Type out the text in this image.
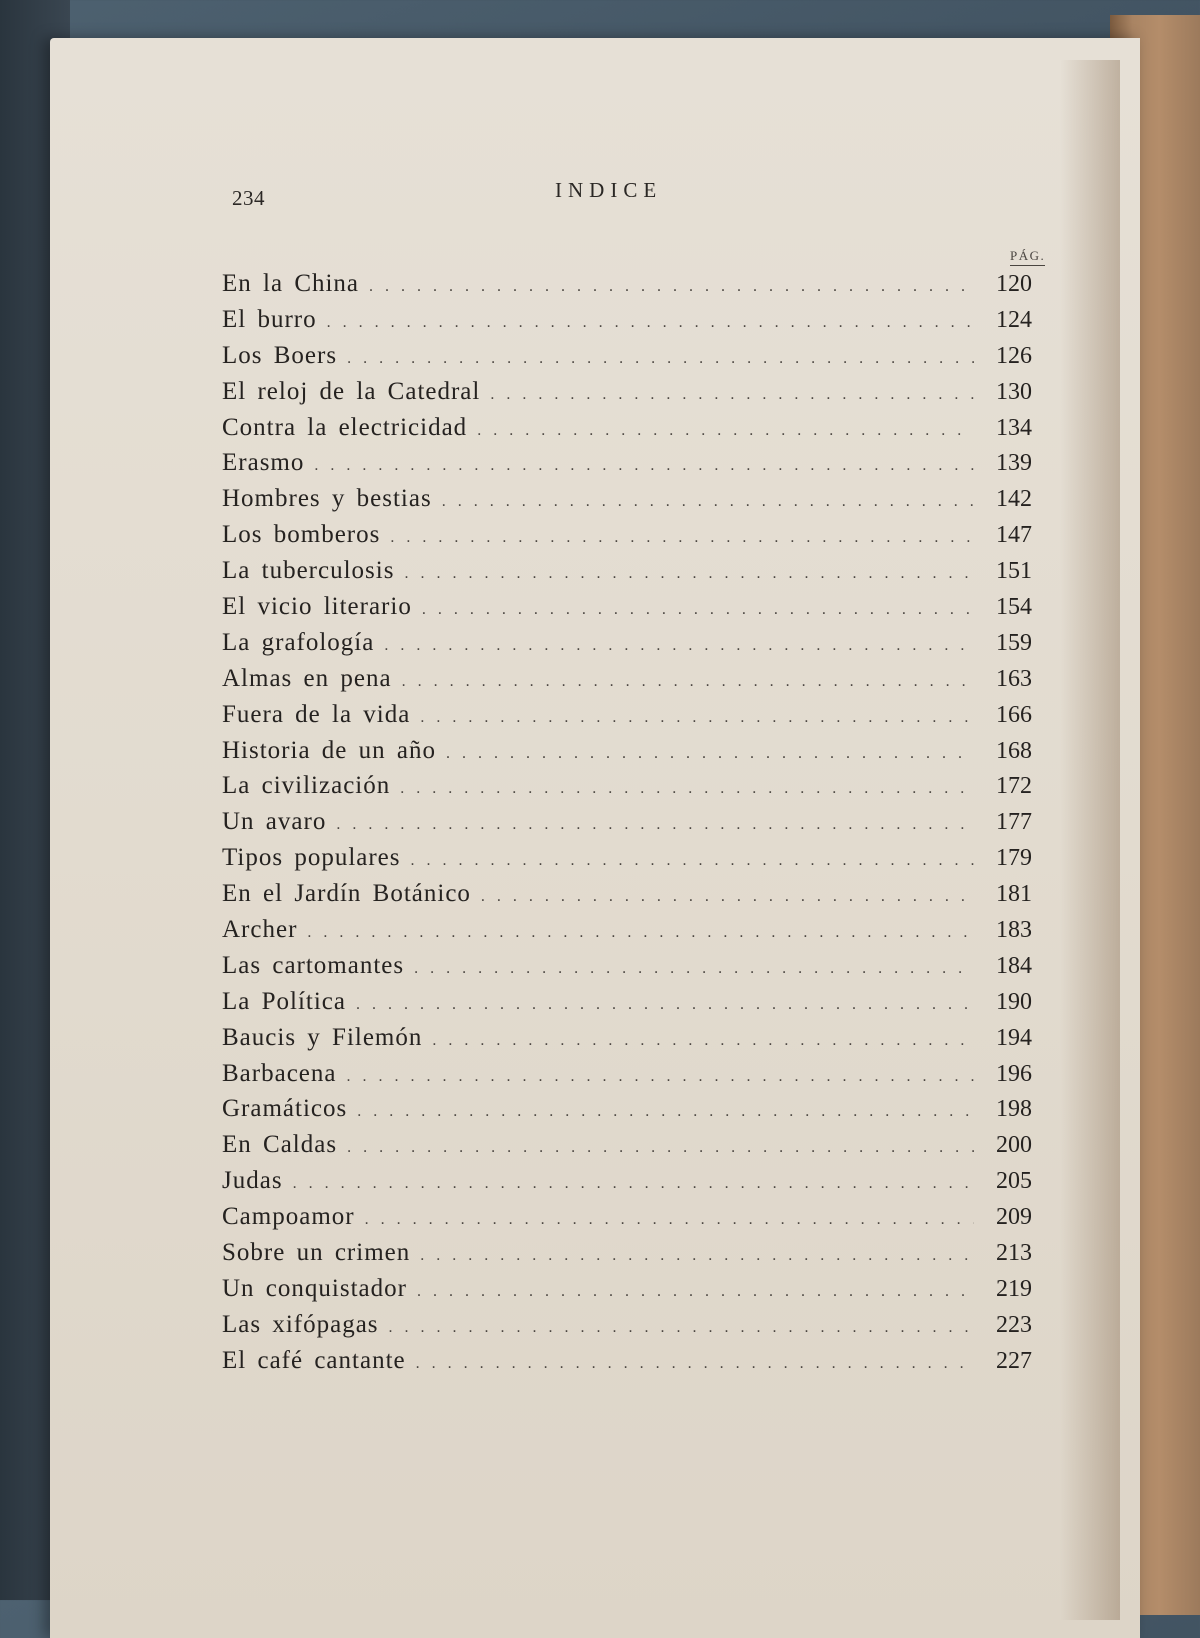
234	INDICE
PÁG.
En la China . . .	120
El burro . . .	124
Los Boers . . .	126
El reloj de la Catedral . . .	130
Contra la electricidad . . .	134
Erasmo . . .	139
Hombres y bestias . . .	142
Los bomberos . . .	147
La tuberculosis . . .	151
El vicio literario . . .	154
La grafología . . .	159
Almas en pena . . .	163
Fuera de la vida . . .	166
Historia de un año . . .	168
La civilización . . .	172
Un avaro . . .	177
Tipos populares . . .	179
En el Jardín Botánico . . .	181
Archer . . .	183
Las cartomantes . . .	184
La Política . . .	190
Baucis y Filemón . . .	194
Barbacena . . .	196
Gramáticos . . .	198
En Caldas . . .	200
Judas . . .	205
Campoamor . . .	209
Sobre un crimen . . .	213
Un conquistador . . .	219
Las xifópagas . . .	223
El café cantante . . .	227
